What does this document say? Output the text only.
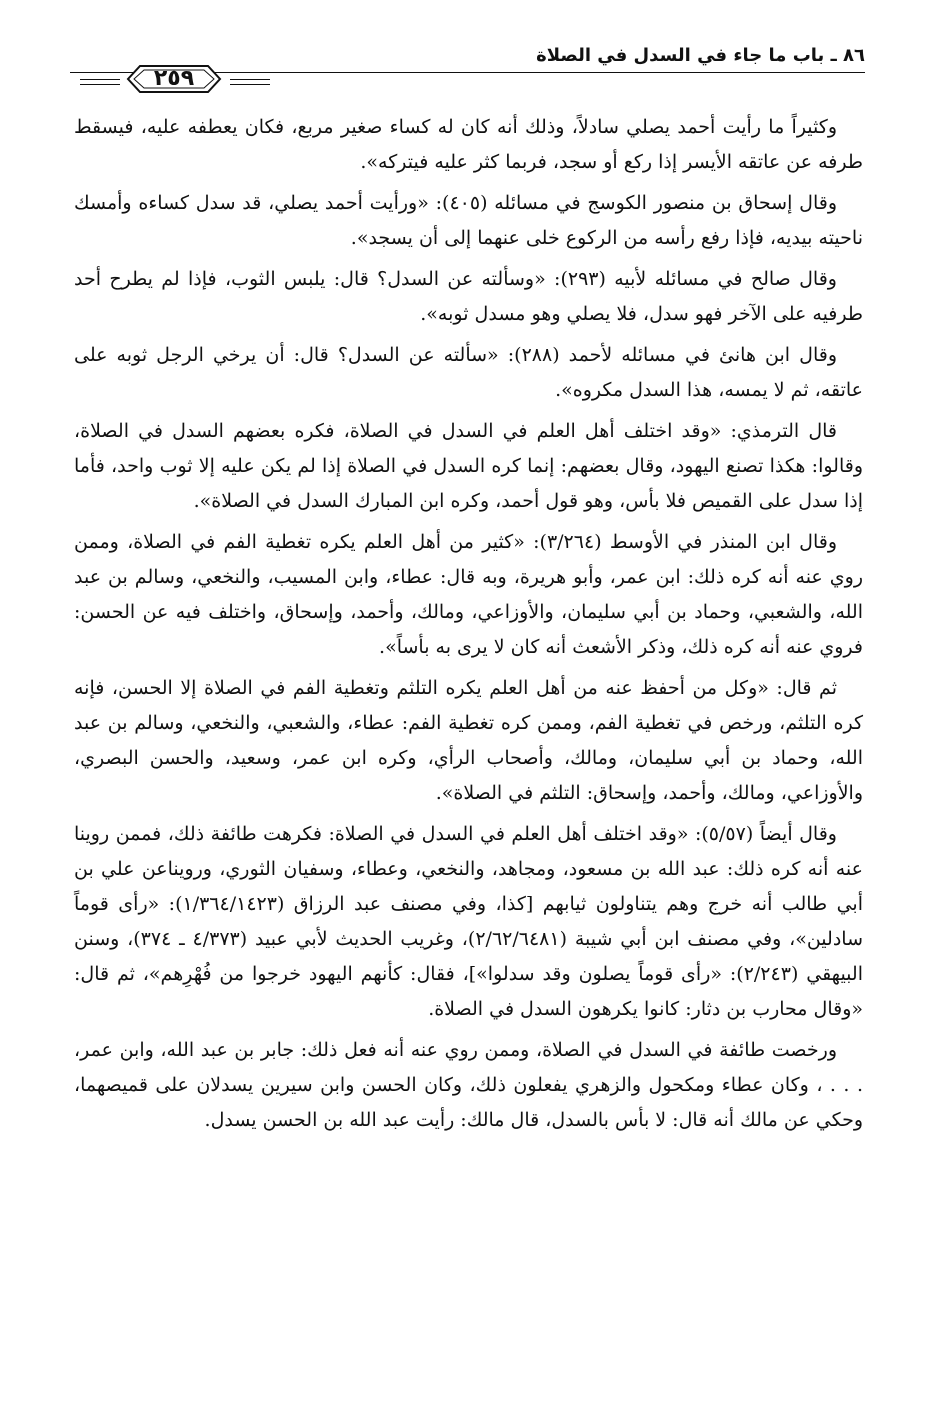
٨٦ ـ باب ما جاء في السدل في الصلاة
٢٥٩

وكثيراً ما رأيت أحمد يصلي سادلاً، وذلك أنه كان له كساء صغير مربع، فكان يعطفه عليه، فيسقط طرفه عن عاتقه الأيسر إذا ركع أو سجد، فربما كثر عليه فيتركه».

وقال إسحاق بن منصور الكوسج في مسائله (٤٠٥): «ورأيت أحمد يصلي، قد سدل كساءه وأمسك ناحيته بيديه، فإذا رفع رأسه من الركوع خلى عنهما إلى أن يسجد».

وقال صالح في مسائله لأبيه (٢٩٣): «وسألته عن السدل؟ قال: يلبس الثوب، فإذا لم يطرح أحد طرفيه على الآخر فهو سدل، فلا يصلي وهو مسدل ثوبه».

وقال ابن هانئ في مسائله لأحمد (٢٨٨): «سألته عن السدل؟ قال: أن يرخي الرجل ثوبه على عاتقه، ثم لا يمسه، هذا السدل مكروه».

قال الترمذي: «وقد اختلف أهل العلم في السدل في الصلاة، فكره بعضهم السدل في الصلاة، وقالوا: هكذا تصنع اليهود، وقال بعضهم: إنما كره السدل في الصلاة إذا لم يكن عليه إلا ثوب واحد، فأما إذا سدل على القميص فلا بأس، وهو قول أحمد، وكره ابن المبارك السدل في الصلاة».

وقال ابن المنذر في الأوسط (٣/٢٦٤): «كثير من أهل العلم يكره تغطية الفم في الصلاة، وممن روي عنه أنه كره ذلك: ابن عمر، وأبو هريرة، وبه قال: عطاء، وابن المسيب، والنخعي، وسالم بن عبد الله، والشعبي، وحماد بن أبي سليمان، والأوزاعي، ومالك، وأحمد، وإسحاق، واختلف فيه عن الحسن: فروي عنه أنه كره ذلك، وذكر الأشعث أنه كان لا يرى به بأساً».

ثم قال: «وكل من أحفظ عنه من أهل العلم يكره التلثم وتغطية الفم في الصلاة إلا الحسن، فإنه كره التلثم، ورخص في تغطية الفم، وممن كره تغطية الفم: عطاء، والشعبي، والنخعي، وسالم بن عبد الله، وحماد بن أبي سليمان، ومالك، وأصحاب الرأي، وكره ابن عمر، وسعيد، والحسن البصري، والأوزاعي، ومالك، وأحمد، وإسحاق: التلثم في الصلاة».

وقال أيضاً (٥/٥٧): «وقد اختلف أهل العلم في السدل في الصلاة: فكرهت طائفة ذلك، فممن روينا عنه أنه كره ذلك: عبد الله بن مسعود، ومجاهد، والنخعي، وعطاء، وسفيان الثوري، ورويناعن علي بن أبي طالب أنه خرج وهم يتناولون ثيابهم [كذا، وفي مصنف عبد الرزاق (١/٣٦٤/١٤٢٣): «رأى قوماً سادلين»، وفي مصنف ابن أبي شيبة (٢/٦٢/٦٤٨١)، وغريب الحديث لأبي عبيد (٤/٣٧٣ ـ ٣٧٤)، وسنن البيهقي (٢/٢٤٣): «رأى قوماً يصلون وقد سدلوا»]، فقال: كأنهم اليهود خرجوا من فُهْرِهم»، ثم قال: «وقال محارب بن دثار: كانوا يكرهون السدل في الصلاة.

ورخصت طائفة في السدل في الصلاة، وممن روي عنه أنه فعل ذلك: جابر بن عبد الله، وابن عمر، . . . ، وكان عطاء ومكحول والزهري يفعلون ذلك، وكان الحسن وابن سيرين يسدلان على قميصهما، وحكي عن مالك أنه قال: لا بأس بالسدل، قال مالك: رأيت عبد الله بن الحسن يسدل.
